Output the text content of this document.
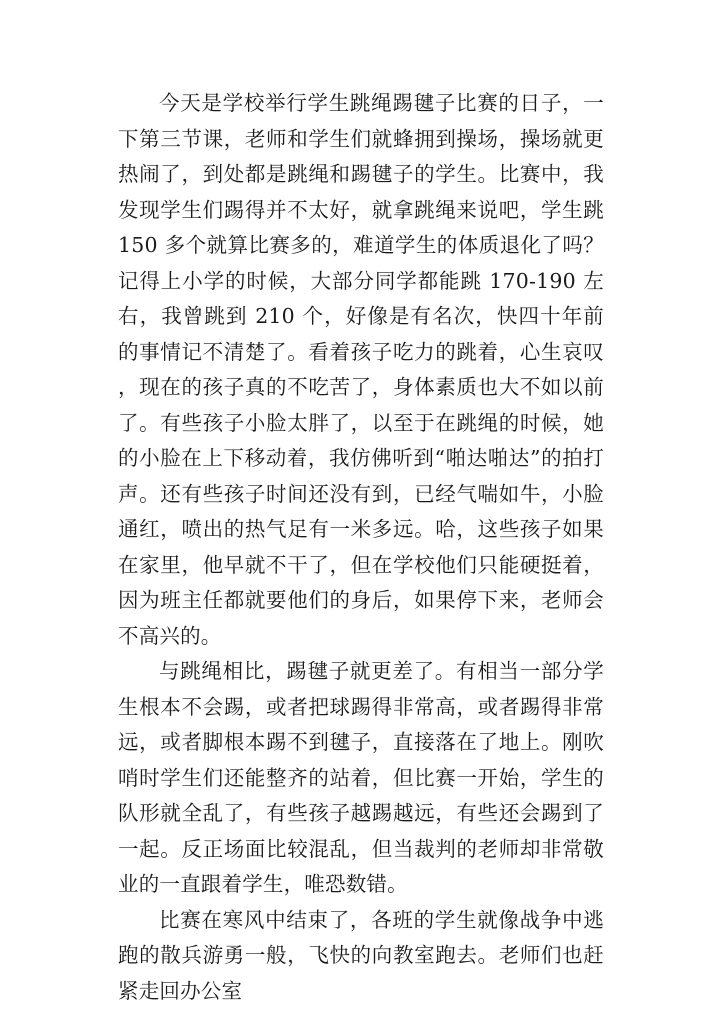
今天是学校举行学生跳绳踢毽子比赛的日子，一下第三节课，老师和学生们就蜂拥到操场，操场就更热闹了，到处都是跳绳和踢毽子的学生。比赛中，我发现学生们踢得并不太好，就拿跳绳来说吧，学生跳 150 多个就算比赛多的，难道学生的体质退化了吗？记得上小学的时候，大部分同学都能跳 170-190 左右，我曾跳到 210 个，好像是有名次，快四十年前的事情记不清楚了。看着孩子吃力的跳着，心生哀叹，现在的孩子真的不吃苦了，身体素质也大不如以前了。有些孩子小脸太胖了，以至于在跳绳的时候，她的小脸在上下移动着，我仿佛听到“啪达啪达”的拍打声。还有些孩子时间还没有到，已经气喘如牛，小脸通红，喷出的热气足有一米多远。哈，这些孩子如果在家里，他早就不干了，但在学校他们只能硬挺着，因为班主任都就要他们的身后，如果停下来，老师会不高兴的。

与跳绳相比，踢毽子就更差了。有相当一部分学生根本不会踢，或者把球踢得非常高，或者踢得非常远，或者脚根本踢不到毽子，直接落在了地上。刚吹哨时学生们还能整齐的站着，但比赛一开始，学生的队形就全乱了，有些孩子越踢越远，有些还会踢到了一起。反正场面比较混乱，但当裁判的老师却非常敬业的一直跟着学生，唯恐数错。

比赛在寒风中结束了，各班的学生就像战争中逃跑的散兵游勇一般，飞快的向教室跑去。老师们也赶紧走回办公室
